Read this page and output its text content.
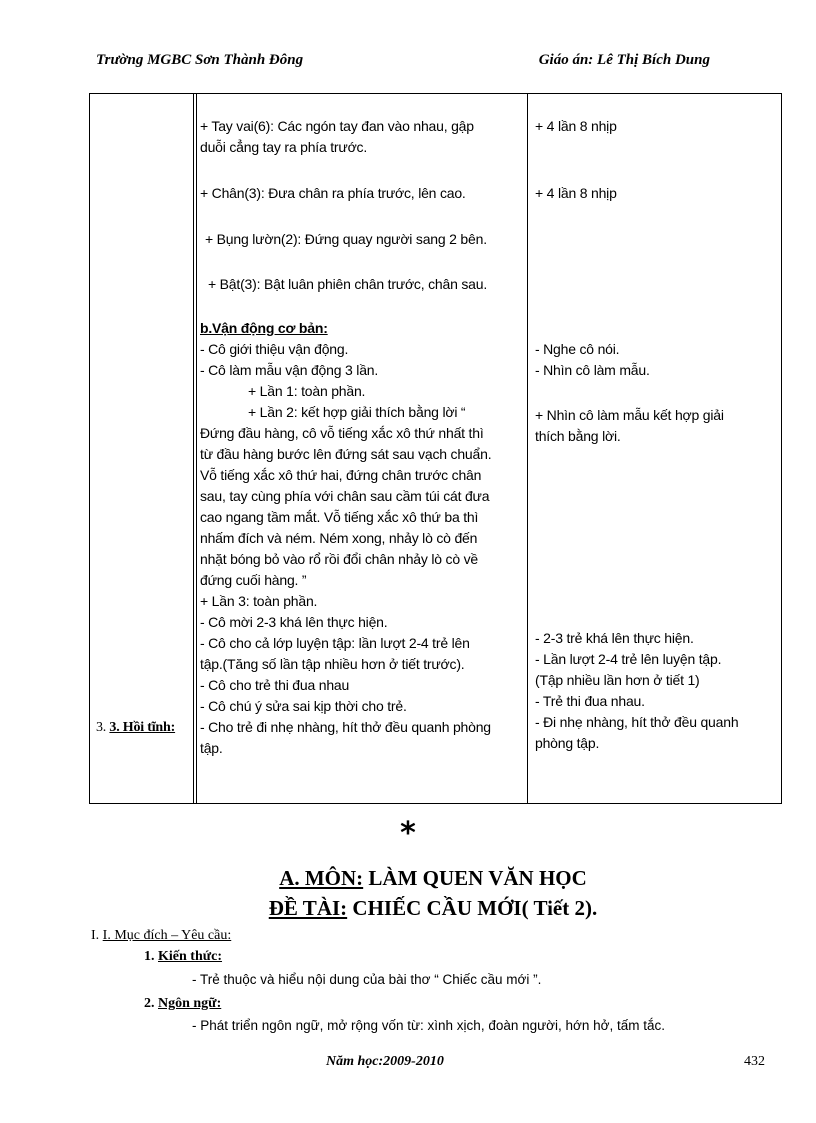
Trường MGBC Sơn Thành Đông	Giáo án: Lê Thị Bích Dung
3. 3. Hồi tĩnh:
+ Tay vai(6): Các ngón tay đan vào nhau, gập
duỗi cẳng tay ra phía trước.
+ Chân(3): Đưa chân ra phía trước, lên cao.
+ Bụng lườn(2): Đứng quay người sang 2 bên.
+ Bật(3): Bật luân phiên chân trước, chân sau.
b.Vận động cơ bản:
- Cô giới thiệu vận động.
- Cô làm mẫu vận động 3 lần.
+ Lần 1: toàn phần.
+ Lần 2: kết hợp giải thích bằng lời “
Đứng đầu hàng, cô vỗ tiếng xắc xô thứ nhất thì
từ đầu hàng bước lên đứng sát sau vạch chuẩn.
Vỗ tiếng xắc xô thứ hai, đứng chân trước chân
sau, tay cùng phía với chân sau cầm túi cát đưa
cao ngang tầm mắt. Vỗ tiếng xắc xô thứ ba thì
nhấm đích và ném. Ném xong, nhảy lò cò đến
nhặt bóng bỏ vào rổ rồi đổi chân nhảy lò cò về
đứng cuối hàng. ”
+ Lần 3: toàn phần.
- Cô mời 2-3 khá lên thực hiện.
- Cô cho cả lớp luyện tập: lần lượt 2-4 trẻ lên
tập.(Tăng số lần tập nhiều hơn ở tiết trước).
- Cô cho trẻ thi đua nhau
- Cô chú ý sửa sai kịp thời cho trẻ.
- Cho trẻ đi nhẹ nhàng, hít thở đều quanh phòng
tập.
+ 4 lần 8 nhịp
+ 4 lần 8 nhịp
- Nghe cô nói.
- Nhìn cô làm mẫu.
+ Nhìn cô làm mẫu kết hợp giải
thích bằng lời.
- 2-3 trẻ khá lên thực hiện.
- Lần lượt 2-4 trẻ lên luyện tập.
(Tập nhiều lần hơn ở tiết 1)
- Trẻ thi đua nhau.
- Đi nhẹ nhàng, hít thở đều quanh
phòng tập.
*
A. MÔN: LÀM QUEN VĂN HỌC
ĐỀ TÀI: CHIẾC CẦU MỚI( Tiết 2).
I. I. Mục đích – Yêu cầu:
1. Kiến thức:
- Trẻ thuộc và hiểu nội dung của bài thơ “ Chiếc cầu mới ”.
2. Ngôn ngữ:
- Phát triển ngôn ngữ, mở rộng vốn từ: xình xịch, đoàn người, hớn hở, tấm tắc.
Năm học:2009-2010	432
